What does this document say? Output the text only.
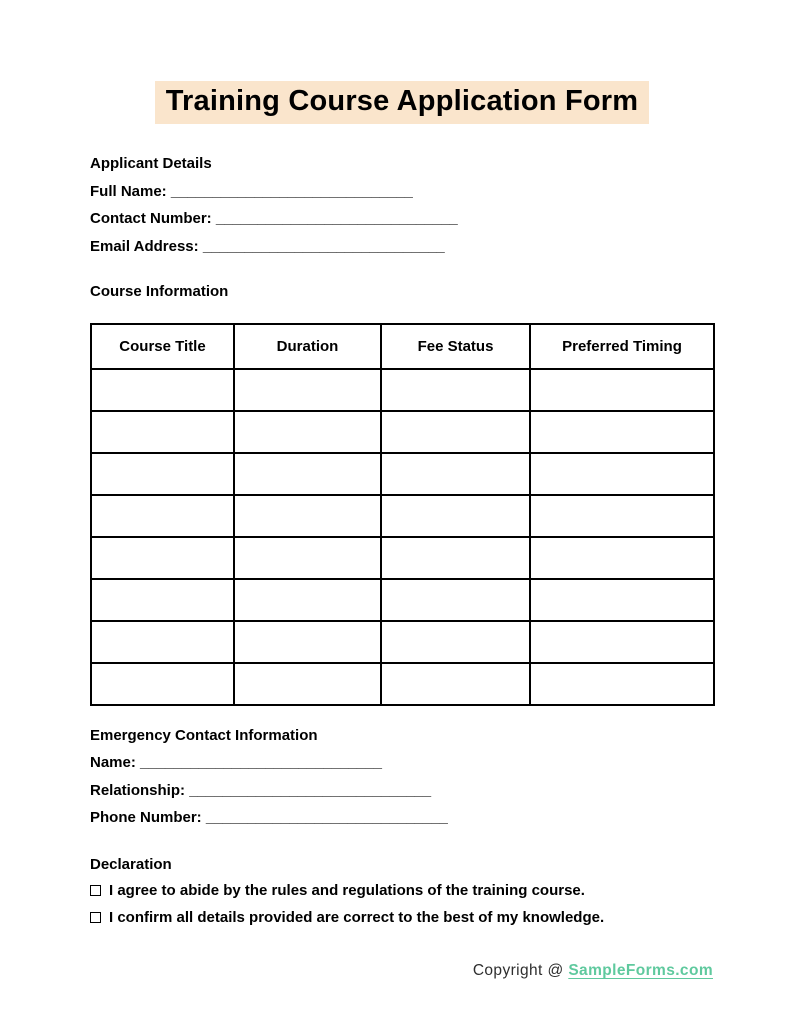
Training Course Application Form
Applicant Details
Full Name: _____________________________
Contact Number: _____________________________
Email Address: _____________________________
Course Information
Course Title	Duration	Fee Status	Preferred Timing

Emergency Contact Information
Name: _____________________________
Relationship: _____________________________
Phone Number: _____________________________
Declaration
I agree to abide by the rules and regulations of the training course.
I confirm all details provided are correct to the best of my knowledge.
Copyright @ SampleForms.com
